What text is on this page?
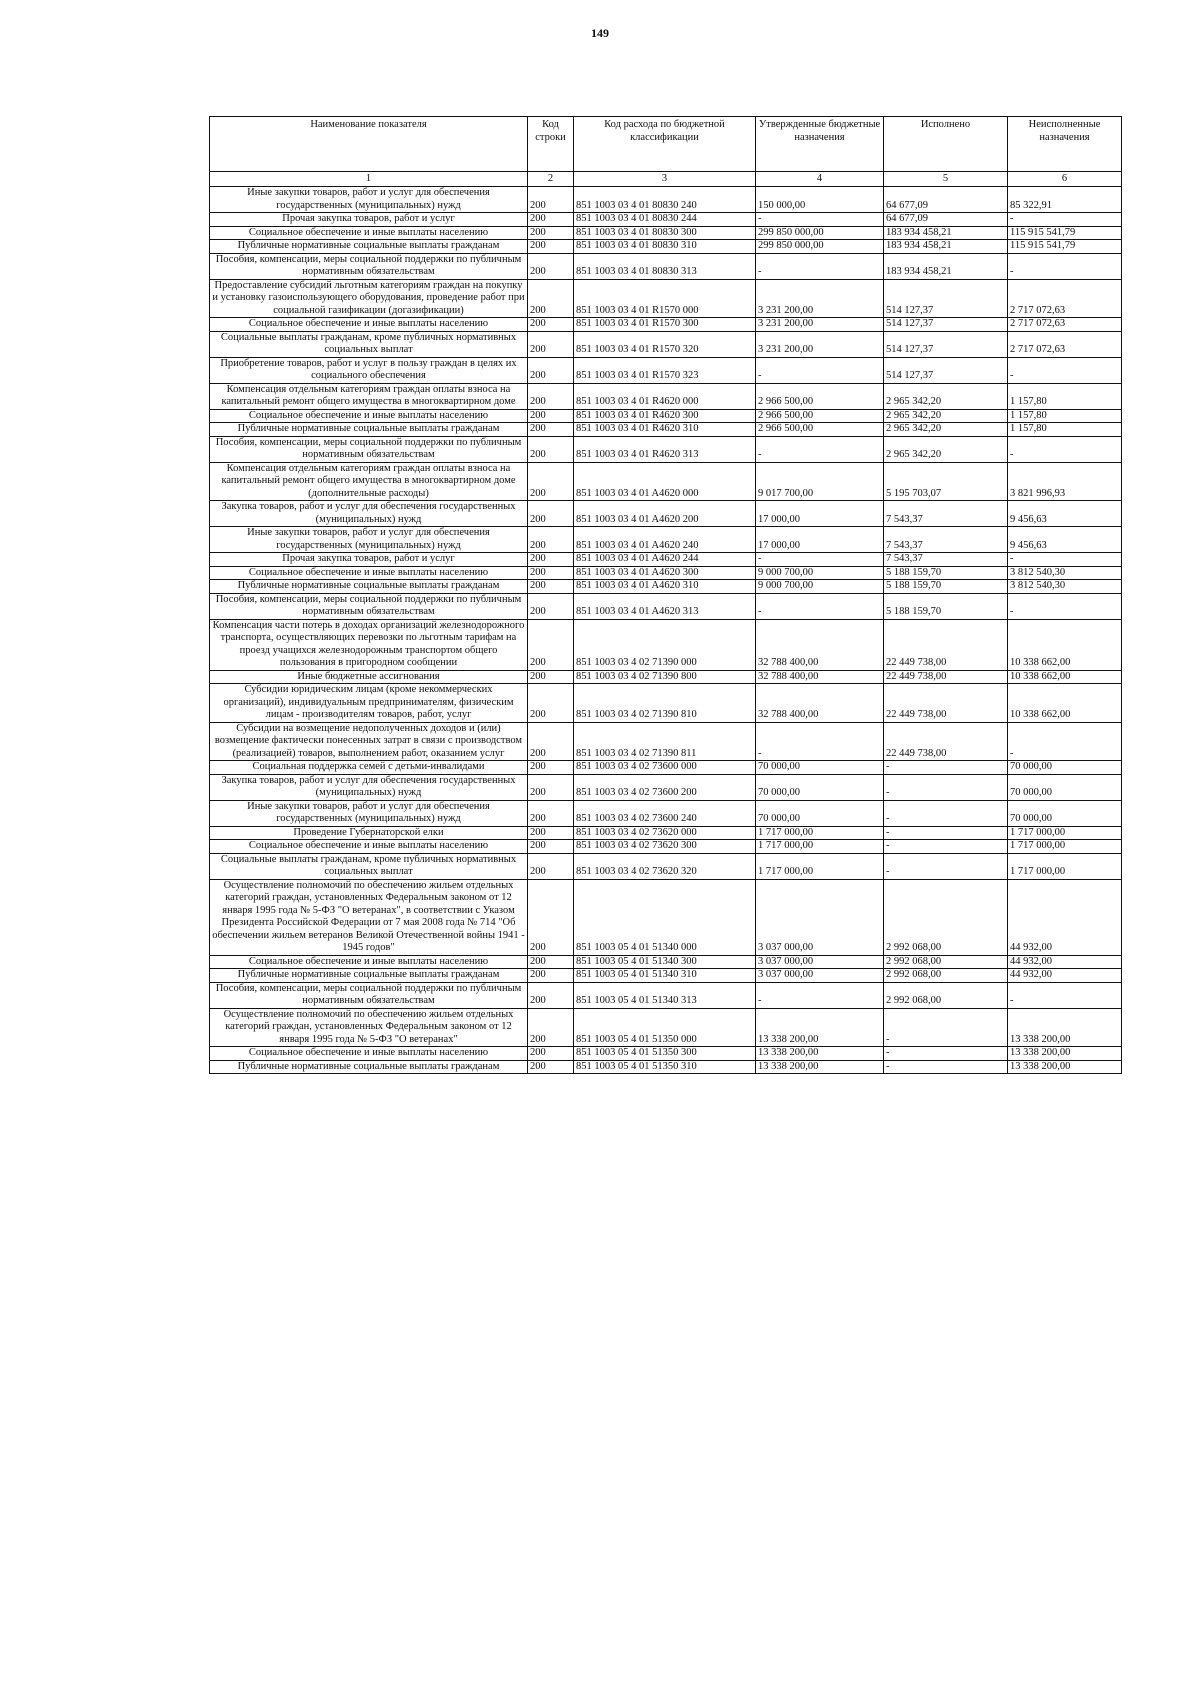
149
Наименование показателя	Код строки	Код расхода по бюджетной классификации	Утвержденные бюджетные назначения	Исполнено	Неисполненные назначения
1	2	3	4	5	6
Иные закупки товаров, работ и услуг для обеспечения государственных (муниципальных) нужд	200	851 1003 03 4 01 80830 240	150 000,00	64 677,09	85 322,91
Прочая закупка товаров, работ и услуг	200	851 1003 03 4 01 80830 244	-	64 677,09	-
Социальное обеспечение и иные выплаты населению	200	851 1003 03 4 01 80830 300	299 850 000,00	183 934 458,21	115 915 541,79
Публичные нормативные социальные выплаты гражданам	200	851 1003 03 4 01 80830 310	299 850 000,00	183 934 458,21	115 915 541,79
Пособия, компенсации, меры социальной поддержки по публичным нормативным обязательствам	200	851 1003 03 4 01 80830 313	-	183 934 458,21	-
Предоставление субсидий льготным категориям граждан на покупку и установку газоиспользующего оборудования, проведение работ при социальной газификации (догазификации)	200	851 1003 03 4 01 R1570 000	3 231 200,00	514 127,37	2 717 072,63
Социальное обеспечение и иные выплаты населению	200	851 1003 03 4 01 R1570 300	3 231 200,00	514 127,37	2 717 072,63
Социальные выплаты гражданам, кроме публичных нормативных социальных выплат	200	851 1003 03 4 01 R1570 320	3 231 200,00	514 127,37	2 717 072,63
Приобретение товаров, работ и услуг в пользу граждан в целях их социального обеспечения	200	851 1003 03 4 01 R1570 323	-	514 127,37	-
Компенсация отдельным категориям граждан оплаты взноса на капитальный ремонт общего имущества в многоквартирном доме	200	851 1003 03 4 01 R4620 000	2 966 500,00	2 965 342,20	1 157,80
Социальное обеспечение и иные выплаты населению	200	851 1003 03 4 01 R4620 300	2 966 500,00	2 965 342,20	1 157,80
Публичные нормативные социальные выплаты гражданам	200	851 1003 03 4 01 R4620 310	2 966 500,00	2 965 342,20	1 157,80
Пособия, компенсации, меры социальной поддержки по публичным нормативным обязательствам	200	851 1003 03 4 01 R4620 313	-	2 965 342,20	-
Компенсация отдельным категориям граждан оплаты взноса на капитальный ремонт общего имущества в многоквартирном доме (дополнительные расходы)	200	851 1003 03 4 01 A4620 000	9 017 700,00	5 195 703,07	3 821 996,93
Закупка товаров, работ и услуг для обеспечения государственных (муниципальных) нужд	200	851 1003 03 4 01 A4620 200	17 000,00	7 543,37	9 456,63
Иные закупки товаров, работ и услуг для обеспечения государственных (муниципальных) нужд	200	851 1003 03 4 01 A4620 240	17 000,00	7 543,37	9 456,63
Прочая закупка товаров, работ и услуг	200	851 1003 03 4 01 A4620 244	-	7 543,37	-
Социальное обеспечение и иные выплаты населению	200	851 1003 03 4 01 A4620 300	9 000 700,00	5 188 159,70	3 812 540,30
Публичные нормативные социальные выплаты гражданам	200	851 1003 03 4 01 A4620 310	9 000 700,00	5 188 159,70	3 812 540,30
Пособия, компенсации, меры социальной поддержки по публичным нормативным обязательствам	200	851 1003 03 4 01 A4620 313	-	5 188 159,70	-
Компенсация части потерь в доходах организаций железнодорожного транспорта, осуществляющих перевозки по льготным тарифам на проезд учащихся железнодорожным транспортом общего пользования в пригородном сообщении	200	851 1003 03 4 02 71390 000	32 788 400,00	22 449 738,00	10 338 662,00
Иные бюджетные ассигнования	200	851 1003 03 4 02 71390 800	32 788 400,00	22 449 738,00	10 338 662,00
Субсидии юридическим лицам (кроме некоммерческих организаций), индивидуальным предпринимателям, физическим лицам - производителям товаров, работ, услуг	200	851 1003 03 4 02 71390 810	32 788 400,00	22 449 738,00	10 338 662,00
Субсидии на возмещение недополученных доходов и (или) возмещение фактически понесенных затрат в связи с производством (реализацией) товаров, выполнением работ, оказанием услуг	200	851 1003 03 4 02 71390 811	-	22 449 738,00	-
Социальная поддержка семей с детьми-инвалидами	200	851 1003 03 4 02 73600 000	70 000,00	-	70 000,00
Закупка товаров, работ и услуг для обеспечения государственных (муниципальных) нужд	200	851 1003 03 4 02 73600 200	70 000,00	-	70 000,00
Иные закупки товаров, работ и услуг для обеспечения государственных (муниципальных) нужд	200	851 1003 03 4 02 73600 240	70 000,00	-	70 000,00
Проведение Губернаторской елки	200	851 1003 03 4 02 73620 000	1 717 000,00	-	1 717 000,00
Социальное обеспечение и иные выплаты населению	200	851 1003 03 4 02 73620 300	1 717 000,00	-	1 717 000,00
Социальные выплаты гражданам, кроме публичных нормативных социальных выплат	200	851 1003 03 4 02 73620 320	1 717 000,00	-	1 717 000,00
Осуществление полномочий по обеспечению жильем отдельных категорий граждан, установленных Федеральным законом от 12 января 1995 года № 5-ФЗ "О ветеранах", в соответствии с Указом Президента Российской Федерации от 7 мая 2008 года № 714 "Об обеспечении жильем ветеранов Великой Отечественной войны 1941 - 1945 годов"	200	851 1003 05 4 01 51340 000	3 037 000,00	2 992 068,00	44 932,00
Социальное обеспечение и иные выплаты населению	200	851 1003 05 4 01 51340 300	3 037 000,00	2 992 068,00	44 932,00
Публичные нормативные социальные выплаты гражданам	200	851 1003 05 4 01 51340 310	3 037 000,00	2 992 068,00	44 932,00
Пособия, компенсации, меры социальной поддержки по публичным нормативным обязательствам	200	851 1003 05 4 01 51340 313	-	2 992 068,00	-
Осуществление полномочий по обеспечению жильем отдельных категорий граждан, установленных Федеральным законом от 12 января 1995 года № 5-ФЗ "О ветеранах"	200	851 1003 05 4 01 51350 000	13 338 200,00	-	13 338 200,00
Социальное обеспечение и иные выплаты населению	200	851 1003 05 4 01 51350 300	13 338 200,00	-	13 338 200,00
Публичные нормативные социальные выплаты гражданам	200	851 1003 05 4 01 51350 310	13 338 200,00	-	13 338 200,00
